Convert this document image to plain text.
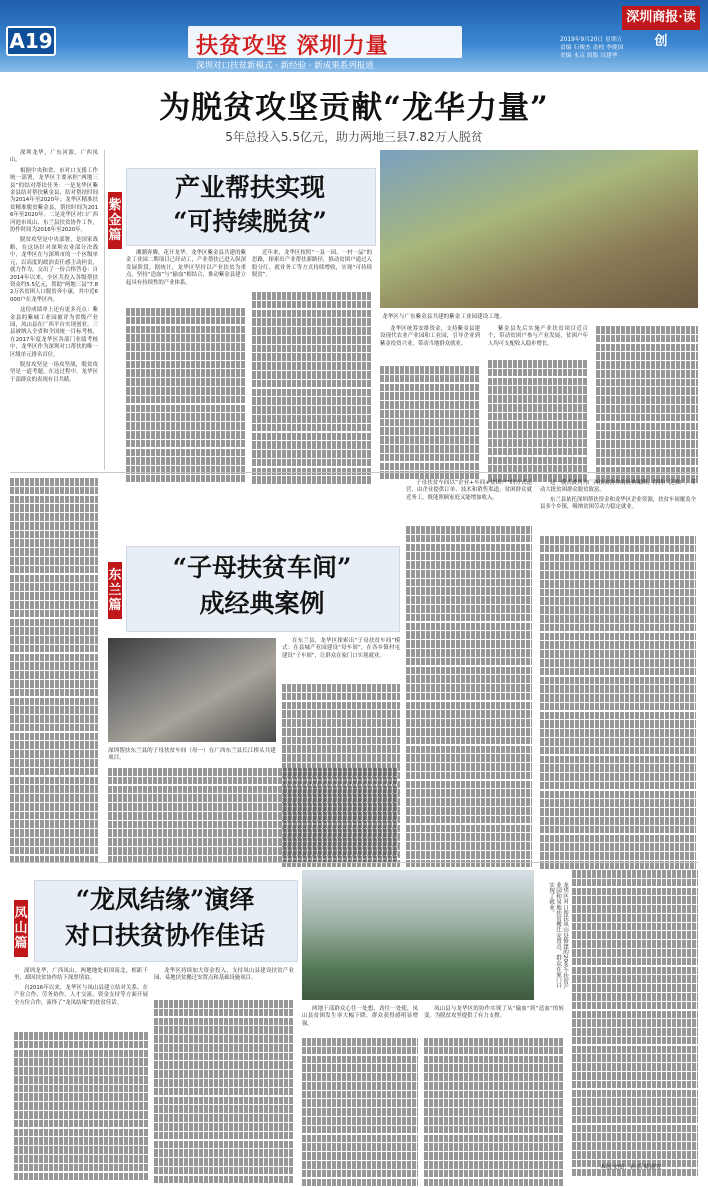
A19	扶贫攻坚 深圳力量
深圳对口扶贫新模式 · 新经验 · 新成果系列报道
深圳商报·读创
2019年9月20日 星期五
责编 石俊杰 责校 李健国
美编 永京 组版 汉建华
为脱贫攻坚贡献“龙华力量”
5年总投入5.5亿元，助力两地三县7.82万人脱贫

深圳龙华，广东河源，广西凤山。

根据中央和省、市对口支援工作统一部署，龙华区主要承担“两地三县”的结对帮扶任务：一是龙华区紫金县结对帮扶紫金县，结对帮扶时间为2014年至2020年；龙华区精准扶贫精准脱贫紫金县，帮扶时间为2016年至2020年。二是龙华区对口广西河池市凤山、东兰县扶贫协作工作，协作时间为2016年至2020年。

脱贫攻坚是中央部署，是国家战略，在这场针对深圳农业部分决战中，龙华区在与深圳市的一个区级单元，以高度的政治责任感主动担责，就力作为，交出了一份合格答卷：自2014年以来，全区共投入各级帮扶资金约5.5亿元，帮助“两地三县”7.82万名贫困人口脱贫奔小康，其中近6000户在龙华区内。

这份成绩单上还有更多亮点：紫金县的紫城工业园被评为省级产业园，凤山县在广西平台实现创业。三县被纳入全省和全国统一目标考核，在2017年度龙华区各部门业绩考核中，龙华区作为深圳对口帮扶的唯一区级单元排名首位。

脱贫攻坚是一场攻坚战，脱贫攻坚是一道考题。在这过程中，龙华区干部群众的表现有目共睹。

紫金篇
产业帮扶实现
“可持续脱贫”
龙华区与广东紫金县共建的紫金工业园建设工地。

湘潮奔腾，花开龙华。龙华区紫金县共建的紫金工业园二期项目已经动工，产业帮扶已进入纵深发展阶段。据统计，龙华区坚持以产业扶贫为重点，坚持“造血”与“输血”相结合，推动紫金县建立起具有持续性的产业体系。

近年来，龙华区按照“一县一园、一村一品”的思路，探索出产业帮扶新路径，推动贫困户通过入股分红、就业务工等方式持续增收，实现“可持续脱贫”。

龙华区统筹安排资金，支持紫金县建设现代农业产业园和工业园，引导企业到紫金投资兴业，带动当地群众就业。

紫金县先后实施产业扶贫项目近百个，带动贫困户参与产业发展，贫困户年人均可支配收入稳步增长。

东兰篇
“子母扶贫车间”
成经典案例
深圳帮扶东兰县的子母扶贫车间（母一）在广西东兰县长江桥头共建项目。

在东兰县，龙华区探索出“子母扶贫车间”模式：在县城产业园建设“母车间”，在各乡镇村屯建设“子车间”，让群众在家门口实现就业。

子母扶贫车间以“企业+车间+贫困户”的方式运营，由企业提供订单、技术和销售渠道，贫困群众就近务工，既能照顾家庭又能增加收入。

这一模式被列为广西扶贫协作的经典案例，得到广泛推广，带动大批贫困群众脱贫致富。

东兰县依托深圳帮扶资金和龙华区企业资源，扶贫车间覆盖全县多个乡镇，吸纳贫困劳动力稳定就业。

凤山篇
“龙凤结缘”演绎
对口扶贫协作佳话	龙华区对口帮扶凤山县修建的20多个扶贫产业园和易地扶贫搬迁安置点，群众在家门口实现了就业。

深圳龙华，广西凤山，两地地处祖国南北，相距千里，却因扶贫协作结下深厚情谊。

自2016年以来，龙华区与凤山县建立结对关系，在产业合作、劳务协作、人才交流、资金支持等方面开展全方位合作，演绎了“龙凤结缘”的扶贫佳话。

龙华区持续加大资金投入，支持凤山县建设扶贫产业园、易地扶贫搬迁安置点和基础设施项目。

两地干部群众心往一处想、劲往一处使，凤山县贫困发生率大幅下降，群众获得感明显增强。

凤山县与龙华区的协作实现了从“输血”到“造血”的转变，为脱贫攻坚提供了有力支撑。

本版文图：孙滔 陈淑安
